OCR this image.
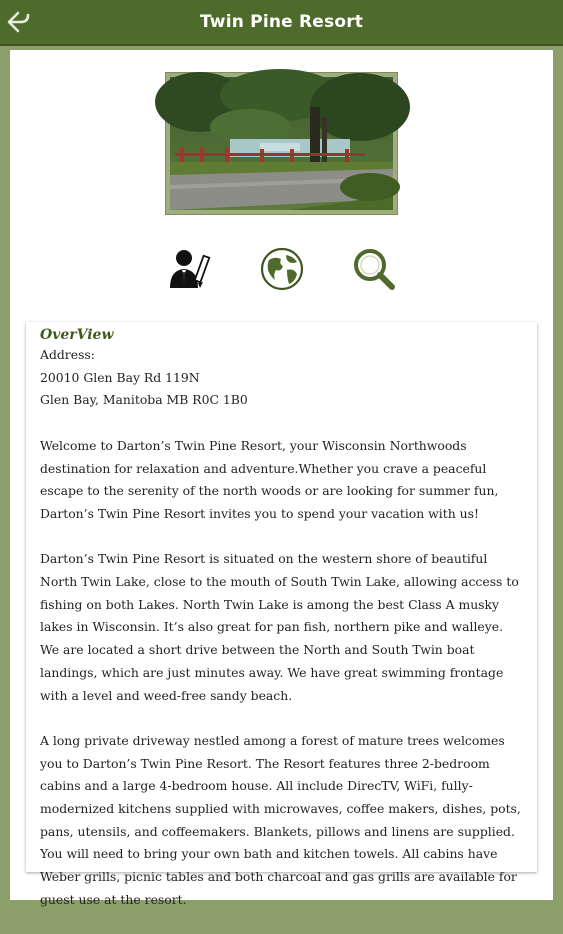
Twin Pine Resort
OverView
Address:
20010 Glen Bay Rd 119N
Glen Bay, Manitoba MB R0C 1B0

Welcome to Darton’s Twin Pine Resort, your Wisconsin Northwoods destination for relaxation and adventure.Whether you crave a peaceful escape to the serenity of the north woods or are looking for summer fun, Darton’s Twin Pine Resort invites you to spend your vacation with us!

Darton’s Twin Pine Resort is situated on the western shore of beautiful North Twin Lake, close to the mouth of South Twin Lake, allowing access to fishing on both Lakes. North Twin Lake is among the best Class A musky lakes in Wisconsin. It’s also great for pan fish, northern pike and walleye. We are located a short drive between the North and South Twin boat landings, which are just minutes away. We have great swimming frontage with a level and weed-free sandy beach.

A long private driveway nestled among a forest of mature trees welcomes you to Darton’s Twin Pine Resort. The Resort features three 2-bedroom cabins and a large 4-bedroom house. All include DirecTV, WiFi, fully-modernized kitchens supplied with microwaves, coffee makers, dishes, pots, pans, utensils, and coffeemakers. Blankets, pillows and linens are supplied. You will need to bring your own bath and kitchen towels. All cabins have Weber grills, picnic tables and both charcoal and gas grills are available for guest use at the resort.
